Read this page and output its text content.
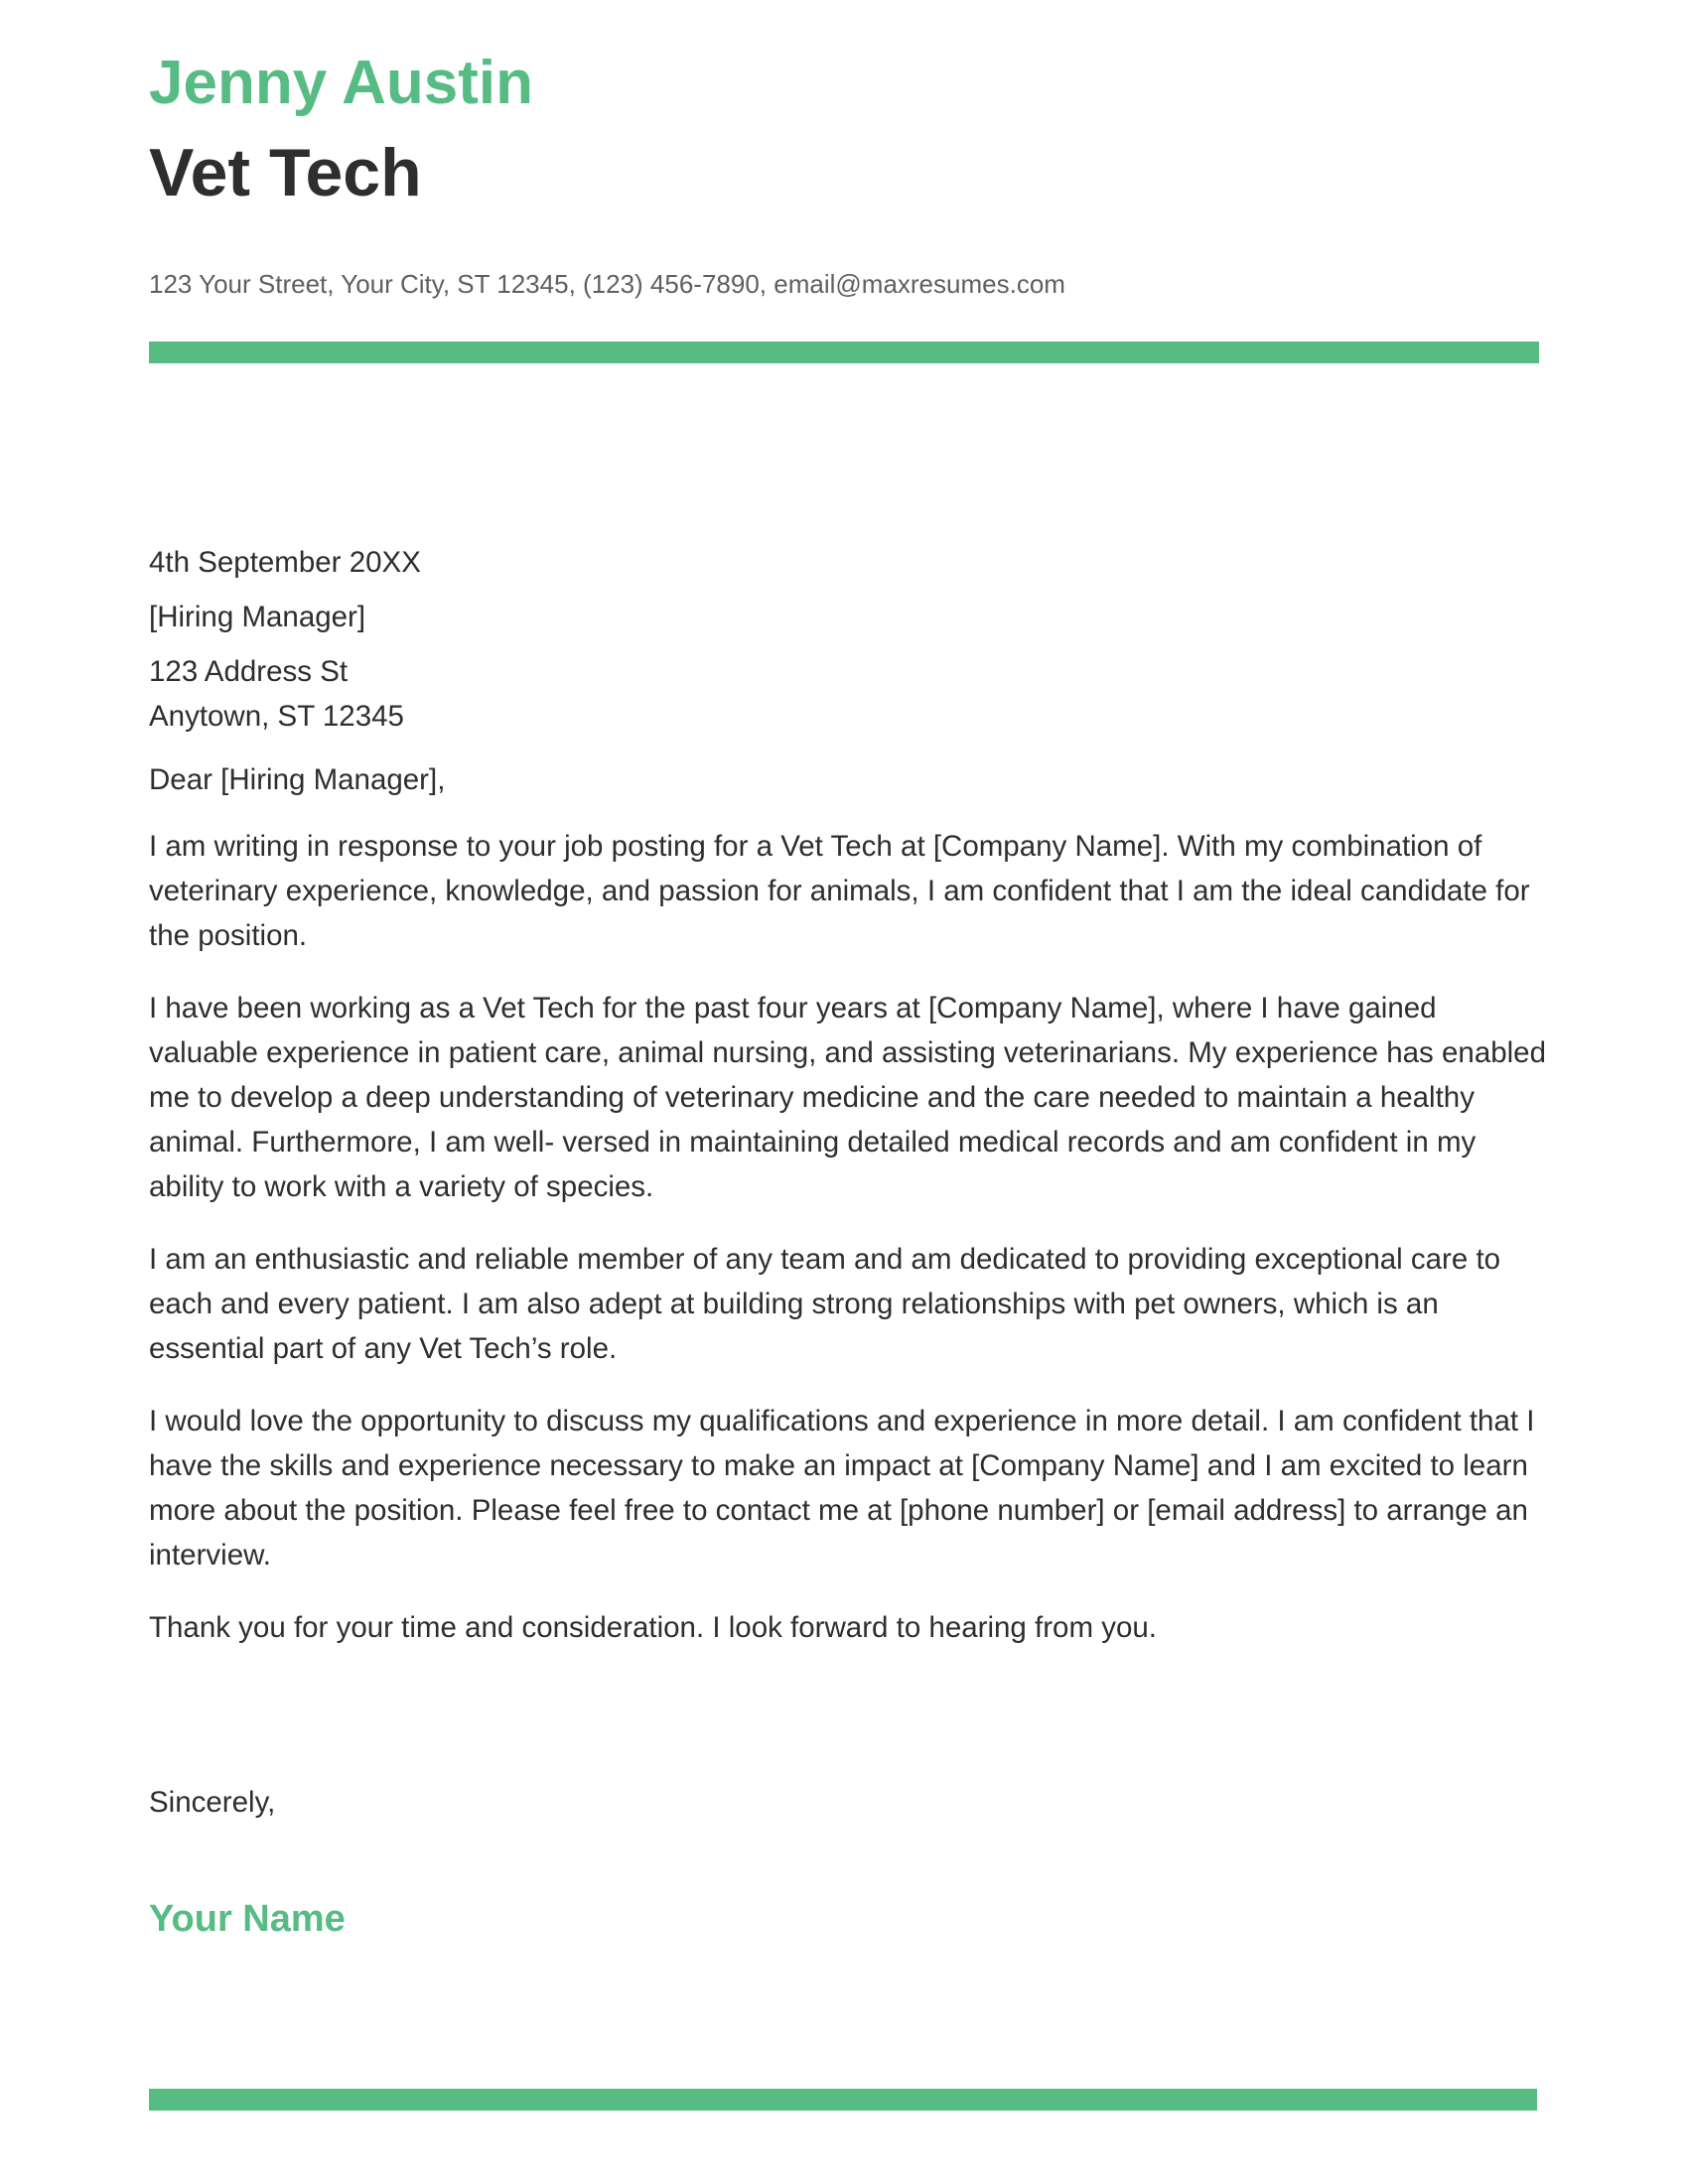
Jenny Austin
Vet Tech
123 Your Street, Your City, ST 12345, (123) 456-7890, email@maxresumes.com
4th September 20XX
[Hiring Manager]
123 Address St
Anytown, ST 12345
Dear [Hiring Manager],

I am writing in response to your job posting for a Vet Tech at [Company Name]. With my combination of veterinary experience, knowledge, and passion for animals, I am confident that I am the ideal candidate for the position.

I have been working as a Vet Tech for the past four years at [Company Name], where I have gained valuable experience in patient care, animal nursing, and assisting veterinarians. My experience has enabled me to develop a deep understanding of veterinary medicine and the care needed to maintain a healthy animal. Furthermore, I am well- versed in maintaining detailed medical records and am confident in my ability to work with a variety of species.

I am an enthusiastic and reliable member of any team and am dedicated to providing exceptional care to each and every patient. I am also adept at building strong relationships with pet owners, which is an essential part of any Vet Tech’s role.

I would love the opportunity to discuss my qualifications and experience in more detail. I am confident that I have the skills and experience necessary to make an impact at [Company Name] and I am excited to learn more about the position. Please feel free to contact me at [phone number] or [email address] to arrange an interview.

Thank you for your time and consideration. I look forward to hearing from you.

Sincerely,

Your Name
